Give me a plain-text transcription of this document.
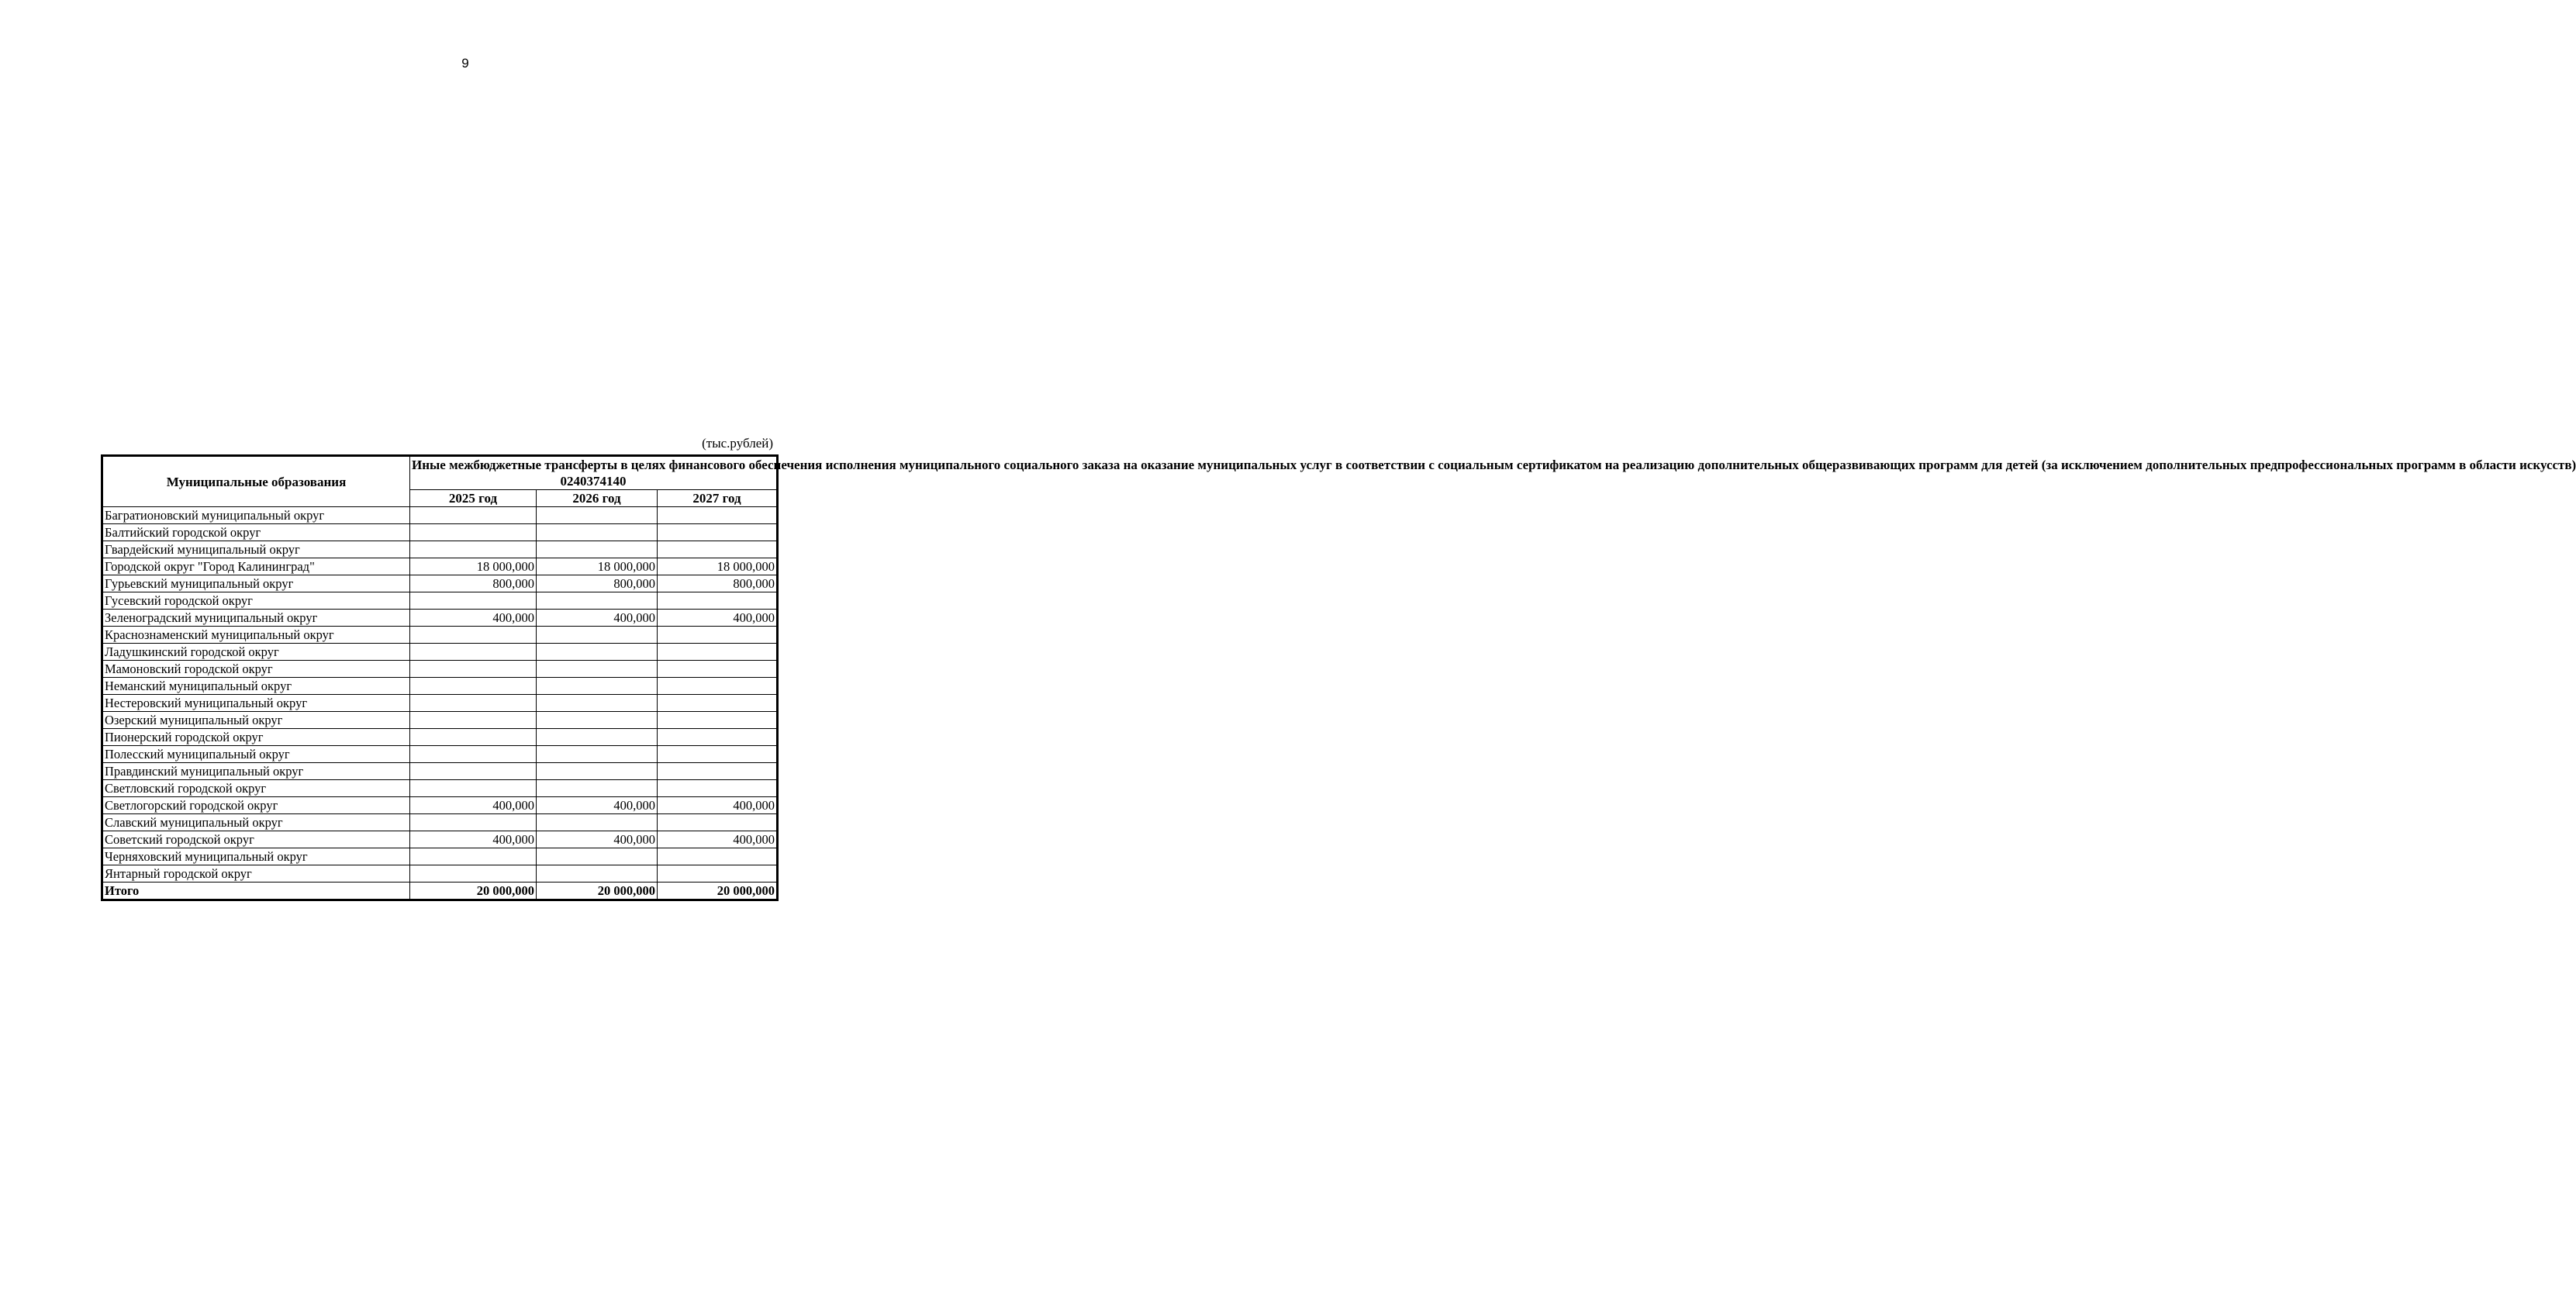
9
(тыс.рублей)
Муниципальные образования	Иные межбюджетные трансферты в целях финансового обеспечения исполнения муниципального социального заказа на оказание муниципальных услуг в соответствии с социальным сертификатом на реализацию дополнительных общеразвивающих программ для детей (за исключением дополнительных предпрофессиональных программ в области искусств)
0240374140		

	2025 год	2026 год	2027 год
Багратионовский муниципальный округ			
Балтийский городской округ			
Гвардейский муниципальный округ			
Городской округ "Город Калининград"	18 000,000	18 000,000	18 000,000
Гурьевский муниципальный округ	800,000	800,000	800,000
Гусевский городской округ			
Зеленоградский муниципальный округ	400,000	400,000	400,000
Краснознаменский муниципальный округ			
Ладушкинский городской округ			
Мамоновский городской округ			
Неманский муниципальный округ			
Нестеровский муниципальный округ			
Озерский муниципальный округ			
Пионерский городской округ			
Полесский муниципальный округ			
Правдинский муниципальный округ			
Светловский городской округ			
Светлогорский городской округ	400,000	400,000	400,000
Славский муниципальный округ			
Советский городской округ	400,000	400,000	400,000
Черняховский муниципальный округ			
Янтарный городской округ			
Итого	20 000,000	20 000,000	20 000,000
